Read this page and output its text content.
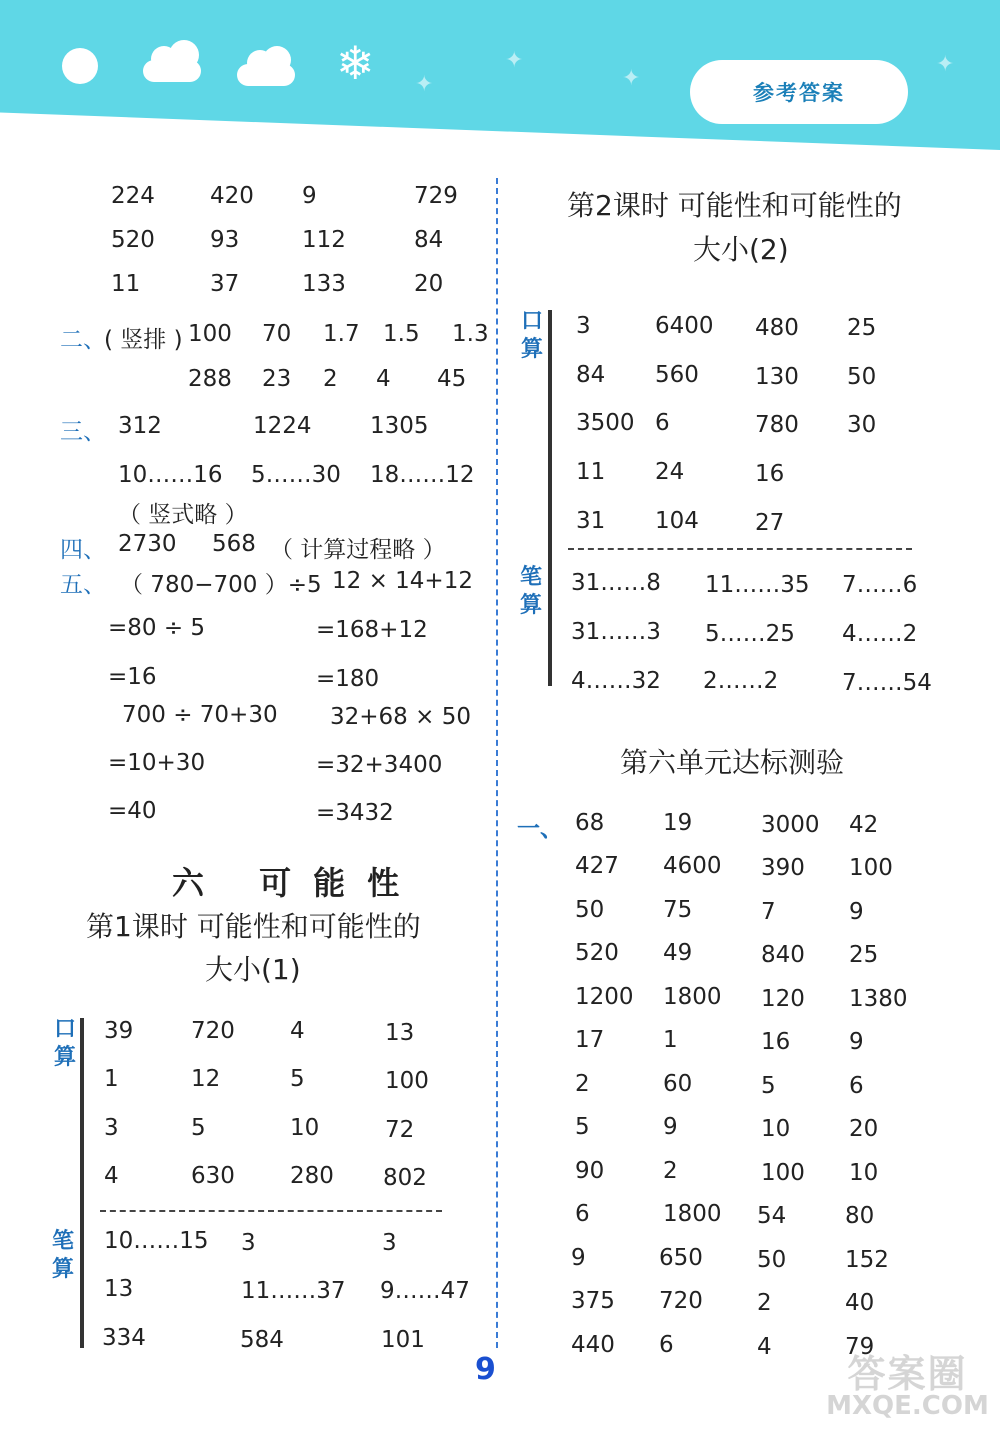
❄ ✦
✦
✦
✦
参考答案
224 420 9	729
520 93	112	84
11	37	133	20
二、
( 竖排 ) 100 70 1.7 1.5 1.3
288 23 2 4 45
三、 312	1224	1305
10……16 5……30 18……12
（ 竖式略 ）
四、 2730 568 （ 计算过程略 ）
五、 （ 780−700 ）÷5
=80 ÷ 5
=16
700 ÷ 70+30
=10+30
=40
12 × 14+12
=168+12
=180
32+68 × 50
=32+3400
=3432
六 可能性
第1课时 可能性和可能性的
大小(1)
口算
笔算
39	720 4	13
1	12	5	100
3	5	10	72
4	630 280 802
10……15 3	3
13	11……37 9……47
334	584	101
第2课时 可能性和可能性的
大小(2)
口算
笔算
3	6400 480 25
84 560 130 50
3500 6	780 30
11 24	16
31 104 27
31……8 11……35 7……6
31……3 5……25 4……2
4……32 2……2	7……54
第六单元达标测验
一、 68	19	3000 42
427 4600 390 100
50	75	7	9
520 49	840 25
1200 1800 120 1380
17	1	16	9
2	60	5	6
5	9	10	20
90	2	100 10
6	1800 54	80
9	650 50	152
375 720 2	40
440 6	4	79
9	答案圈
MXQE.COM
